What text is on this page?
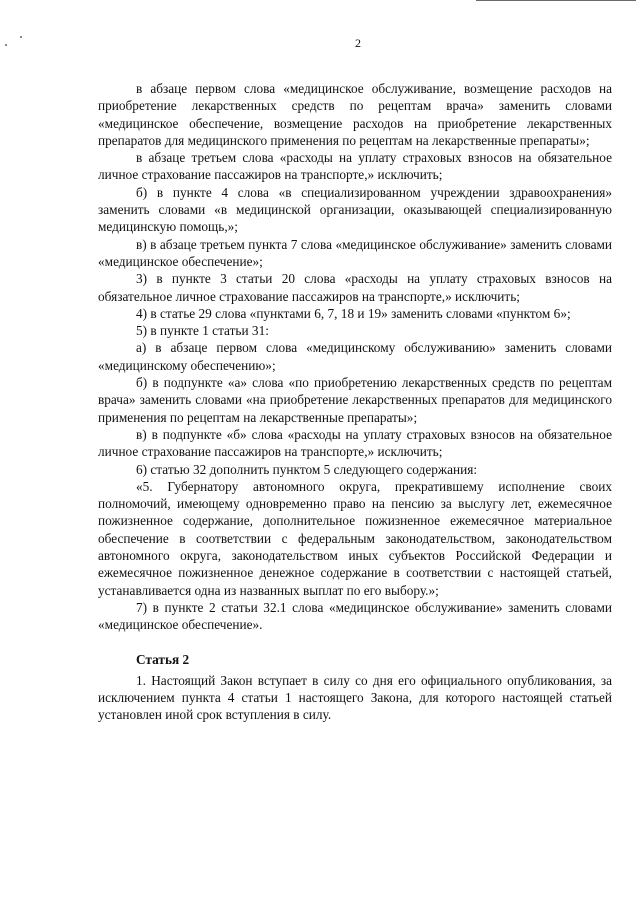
2

в абзаце первом слова «медицинское обслуживание, возмещение расходов на приобретение лекарственных средств по рецептам врача» заменить словами «медицинское обеспечение, возмещение расходов на приобретение лекарственных препаратов для медицинского применения по рецептам на лекарственные препараты»;

в абзаце третьем слова «расходы на уплату страховых взносов на обязательное личное страхование пассажиров на транспорте,» исключить;

б) в пункте 4 слова «в специализированном учреждении здравоохранения» заменить словами «в медицинской организации, оказывающей специализированную медицинскую помощь,»;

в) в абзаце третьем пункта 7 слова «медицинское обслуживание» заменить словами «медицинское обеспечение»;

3) в пункте 3 статьи 20 слова «расходы на уплату страховых взносов на обязательное личное страхование пассажиров на транспорте,» исключить;

4) в статье 29 слова «пунктами 6, 7, 18 и 19» заменить словами «пунктом 6»;

5) в пункте 1 статьи 31:

а) в абзаце первом слова «медицинскому обслуживанию» заменить словами «медицинскому обеспечению»;

б) в подпункте «а» слова «по приобретению лекарственных средств по рецептам врача» заменить словами «на приобретение лекарственных препаратов для медицинского применения по рецептам на лекарственные препараты»;

в) в подпункте «б» слова «расходы на уплату страховых взносов на обязательное личное страхование пассажиров на транспорте,» исключить;

6) статью 32 дополнить пунктом 5 следующего содержания:

«5. Губернатору автономного округа, прекратившему исполнение своих полномочий, имеющему одновременно право на пенсию за выслугу лет, ежемесячное пожизненное содержание, дополнительное пожизненное ежемесячное материальное обеспечение в соответствии с федеральным законодательством, законодательством автономного округа, законодательством иных субъектов Российской Федерации и ежемесячное пожизненное денежное содержание в соответствии с настоящей статьей, устанавливается одна из названных выплат по его выбору.»;

7) в пункте 2 статьи 32.1 слова «медицинское обслуживание» заменить словами «медицинское обеспечение».

Статья 2

1. Настоящий Закон вступает в силу со дня его официального опубликования, за исключением пункта 4 статьи 1 настоящего Закона, для которого настоящей статьей установлен иной срок вступления в силу.
